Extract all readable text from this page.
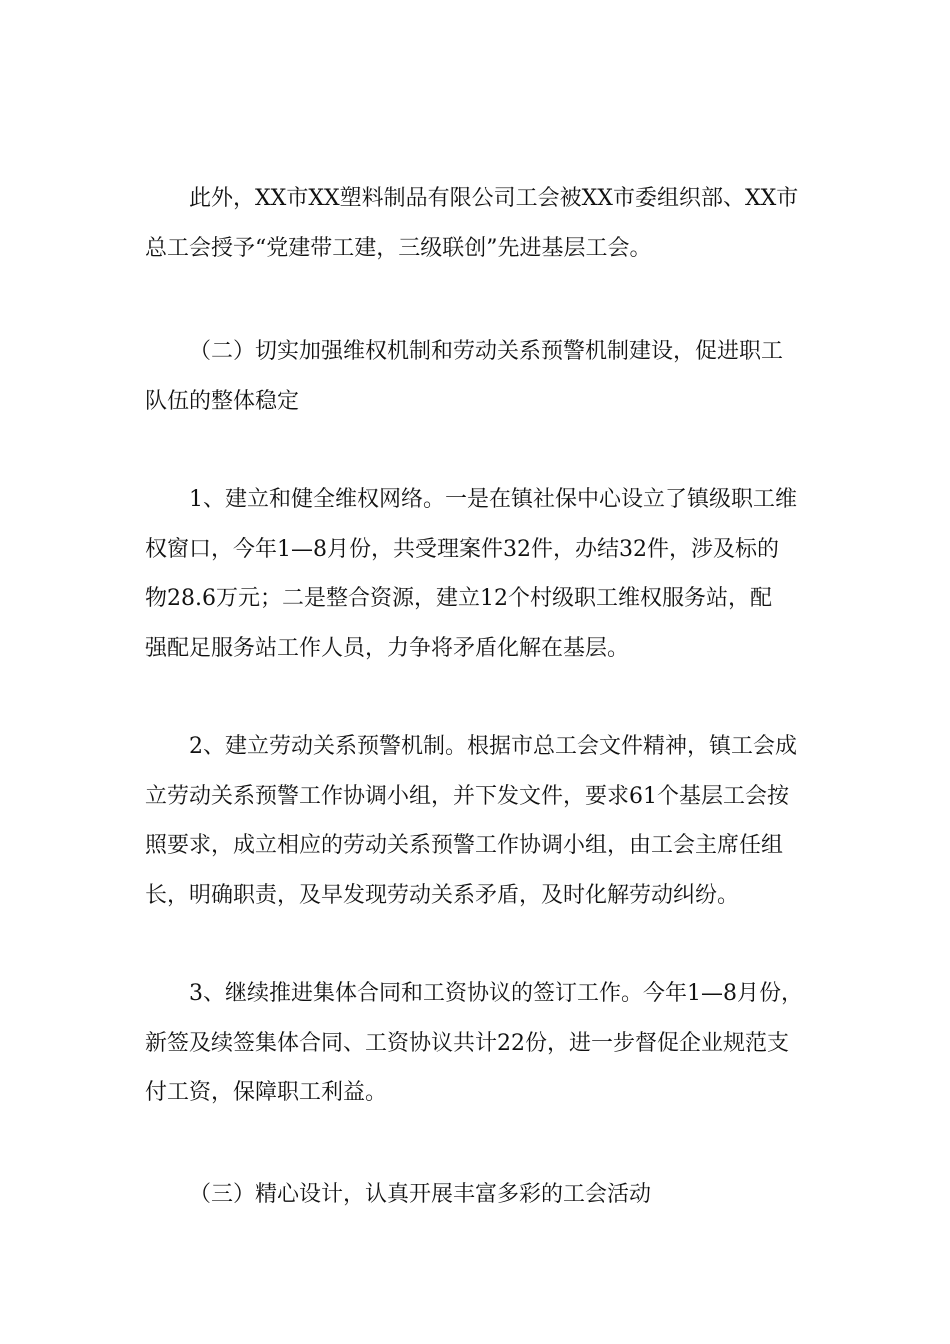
此外，XX市XX塑料制品有限公司工会被XX市委组织部、XX市
总工会授予“党建带工建，三级联创”先进基层工会。
（二）切实加强维权机制和劳动关系预警机制建设，促进职工
队伍的整体稳定
1、建立和健全维权网络。一是在镇社保中心设立了镇级职工维
权窗口，今年1—8月份，共受理案件32件，办结32件，涉及标的
物28.6万元；二是整合资源，建立12个村级职工维权服务站，配
强配足服务站工作人员，力争将矛盾化解在基层。
2、建立劳动关系预警机制。根据市总工会文件精神，镇工会成
立劳动关系预警工作协调小组，并下发文件，要求61个基层工会按
照要求，成立相应的劳动关系预警工作协调小组，由工会主席任组
长，明确职责，及早发现劳动关系矛盾，及时化解劳动纠纷。
3、继续推进集体合同和工资协议的签订工作。今年1—8月份，
新签及续签集体合同、工资协议共计22份，进一步督促企业规范支
付工资，保障职工利益。
（三）精心设计，认真开展丰富多彩的工会活动
